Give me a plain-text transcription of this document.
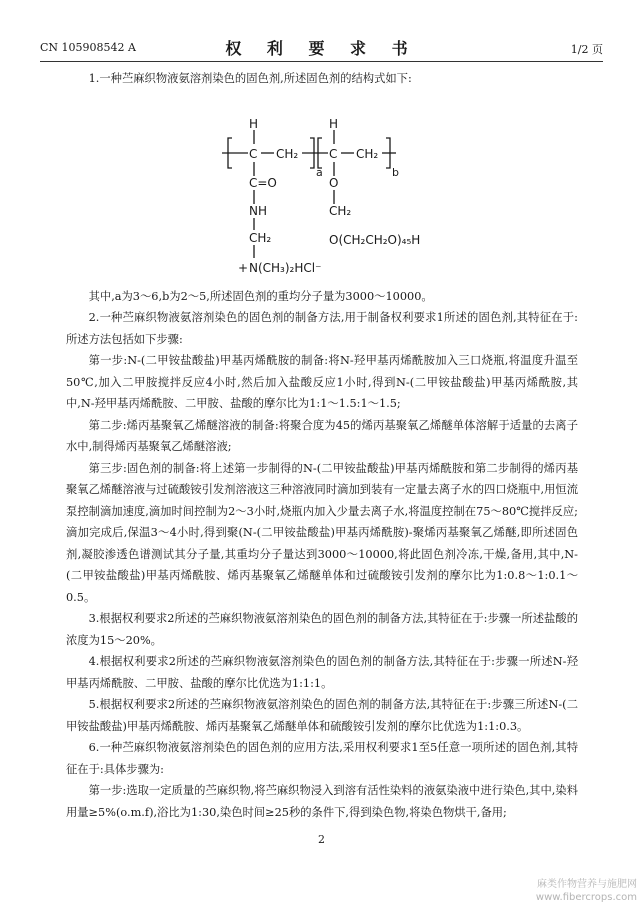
CN 105908542 A	权 利 要 求 书	1/2 页

1.一种苎麻织物液氨溶剂染色的固色剂,所述固色剂的结构式如下:

H	H
C	C
CH₂	CH₂
a	b
C=O	O
NH	CH₂
O(CH₂CH₂O)₄₅H
CH₂
+ N(CH₃)₂HCl⁻

其中,a为3～6,b为2～5,所述固色剂的重均分子量为3000～10000。

2.一种苎麻织物液氨溶剂染色的固色剂的制备方法,用于制备权利要求1所述的固色剂,其特征在于:所述方法包括如下步骤:

第一步:N-(二甲铵盐酸盐)甲基丙烯酰胺的制备:将N-羟甲基丙烯酰胺加入三口烧瓶,将温度升温至50℃,加入二甲胺搅拌反应4小时,然后加入盐酸反应1小时,得到N-(二甲铵盐酸盐)甲基丙烯酰胺,其中,N-羟甲基丙烯酰胺、二甲胺、盐酸的摩尔比为1:1～1.5:1～1.5;

第二步:烯丙基聚氧乙烯醚溶液的制备:将聚合度为45的烯丙基聚氧乙烯醚单体溶解于适量的去离子水中,制得烯丙基聚氧乙烯醚溶液;

第三步:固色剂的制备:将上述第一步制得的N-(二甲铵盐酸盐)甲基丙烯酰胺和第二步制得的烯丙基聚氧乙烯醚溶液与过硫酸铵引发剂溶液这三种溶液同时滴加到装有一定量去离子水的四口烧瓶中,用恒流泵控制滴加速度,滴加时间控制为2～3小时,烧瓶内加入少量去离子水,将温度控制在75～80℃搅拌反应;滴加完成后,保温3～4小时,得到聚(N-(二甲铵盐酸盐)甲基丙烯酰胺)-聚烯丙基聚氧乙烯醚,即所述固色剂,凝胶渗透色谱测试其分子量,其重均分子量达到3000～10000,将此固色剂冷冻,干燥,备用,其中,N-(二甲铵盐酸盐)甲基丙烯酰胺、烯丙基聚氧乙烯醚单体和过硫酸铵引发剂的摩尔比为1:0.8～1:0.1～0.5。

3.根据权利要求2所述的苎麻织物液氨溶剂染色的固色剂的制备方法,其特征在于:步骤一所述盐酸的浓度为15～20%。

4.根据权利要求2所述的苎麻织物液氨溶剂染色的固色剂的制备方法,其特征在于:步骤一所述N-羟甲基丙烯酰胺、二甲胺、盐酸的摩尔比优选为1:1:1。

5.根据权利要求2所述的苎麻织物液氨溶剂染色的固色剂的制备方法,其特征在于:步骤三所述N-(二甲铵盐酸盐)甲基丙烯酰胺、烯丙基聚氧乙烯醚单体和硫酸铵引发剂的摩尔比优选为1:1:0.3。

6.一种苎麻织物液氨溶剂染色的固色剂的应用方法,采用权利要求1至5任意一项所述的固色剂,其特征在于:具体步骤为:

第一步:选取一定质量的苎麻织物,将苎麻织物浸入到溶有活性染料的液氨染液中进行染色,其中,染料用量≥5%(o.m.f),浴比为1:30,染色时间≥25秒的条件下,得到染色物,将染色物烘干,备用;

2
麻类作物营养与施肥网
www.fibercrops.com
